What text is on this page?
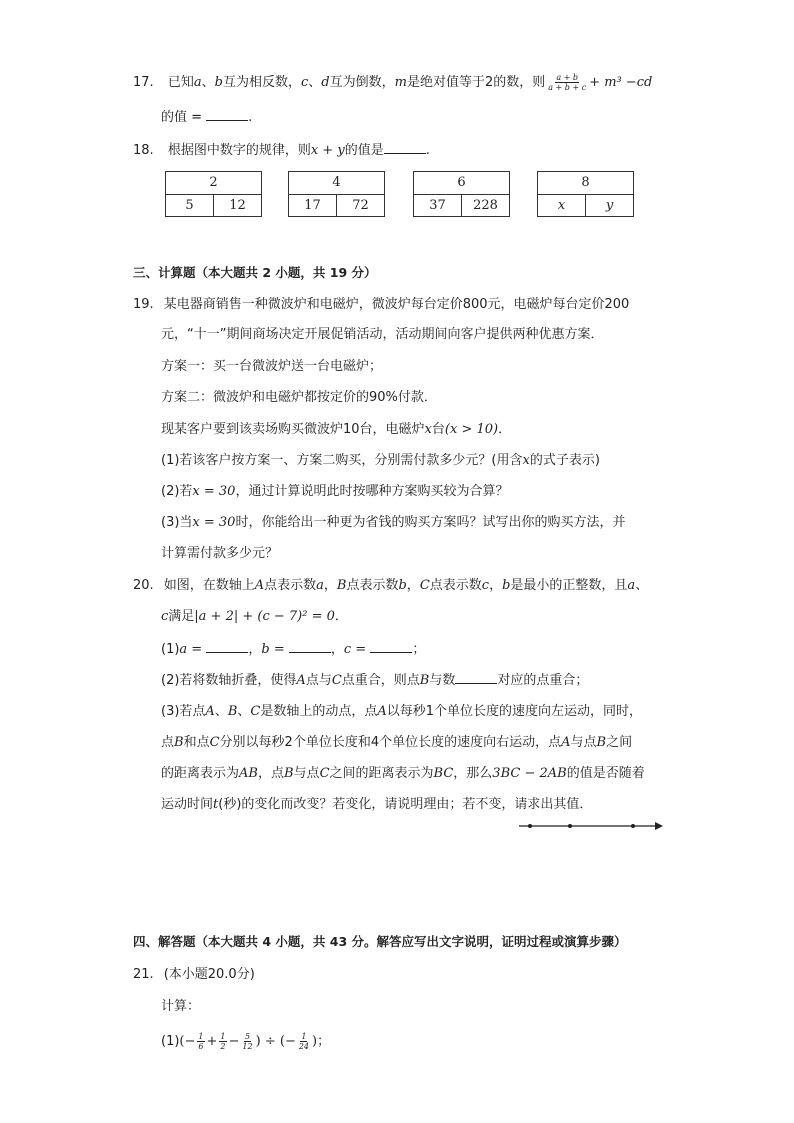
17. 已知a、b互为相反数，c、d互为倒数，m是绝对值等于2的数，则 $\frac{a + b}{a + b + c} + m^3 -cd$
的值 =	.
18. 根据图中数字的规律，则x + y的值是	.
2
5	12
4
17	72
6
37	228
8
x	y
三、计算题（本大题共 2 小题，共 19 分）
19. 某电器商销售一种微波炉和电磁炉，微波炉每台定价800元，电磁炉每台定价200
元，“十一”期间商场决定开展促销活动，活动期间向客户提供两种优惠方案．
方案一：买一台微波炉送一台电磁炉；
方案二：微波炉和电磁炉都按定价的90%付款．
现某客户要到该卖场购买微波炉10台，电磁炉x台(x > 10)．
(1)若该客户按方案一、方案二购买，分别需付款多少元？(用含x的式子表示)
(2)若x = 30，通过计算说明此时按哪种方案购买较为合算？
(3)当x = 30时，你能给出一种更为省钱的购买方案吗？试写出你的购买方法，并
计算需付款多少元？
20. 如图，在数轴上A点表示数a，B点表示数b，C点表示数c，b是最小的正整数，且a、
c满足|a + 2| + (c − 7)² = 0．
(1)a =	，b =	，c =	；
(2)若将数轴折叠，使得A点与C点重合，则点B与数	对应的点重合；
(3)若点A、B、C是数轴上的动点，点A以每秒1个单位长度的速度向左运动，同时，
点B和点C分别以每秒2个单位长度和4个单位长度的速度向右运动，点A与点B之间
的距离表示为AB，点B与点C之间的距离表示为BC，那么3BC − 2AB的值是否随着
运动时间t(秒)的变化而改变？若变化，请说明理由；若不变，请求出其值．
四、解答题（本大题共 4 小题，共 43 分。解答应写出文字说明，证明过程或演算步骤）
21. (本小题20.0分)
计算：
$(1)(- \frac{1}{6} + \frac{1}{2} - \frac{5}{12}$ ) ÷ (− $\frac{1}{24}$ )；
